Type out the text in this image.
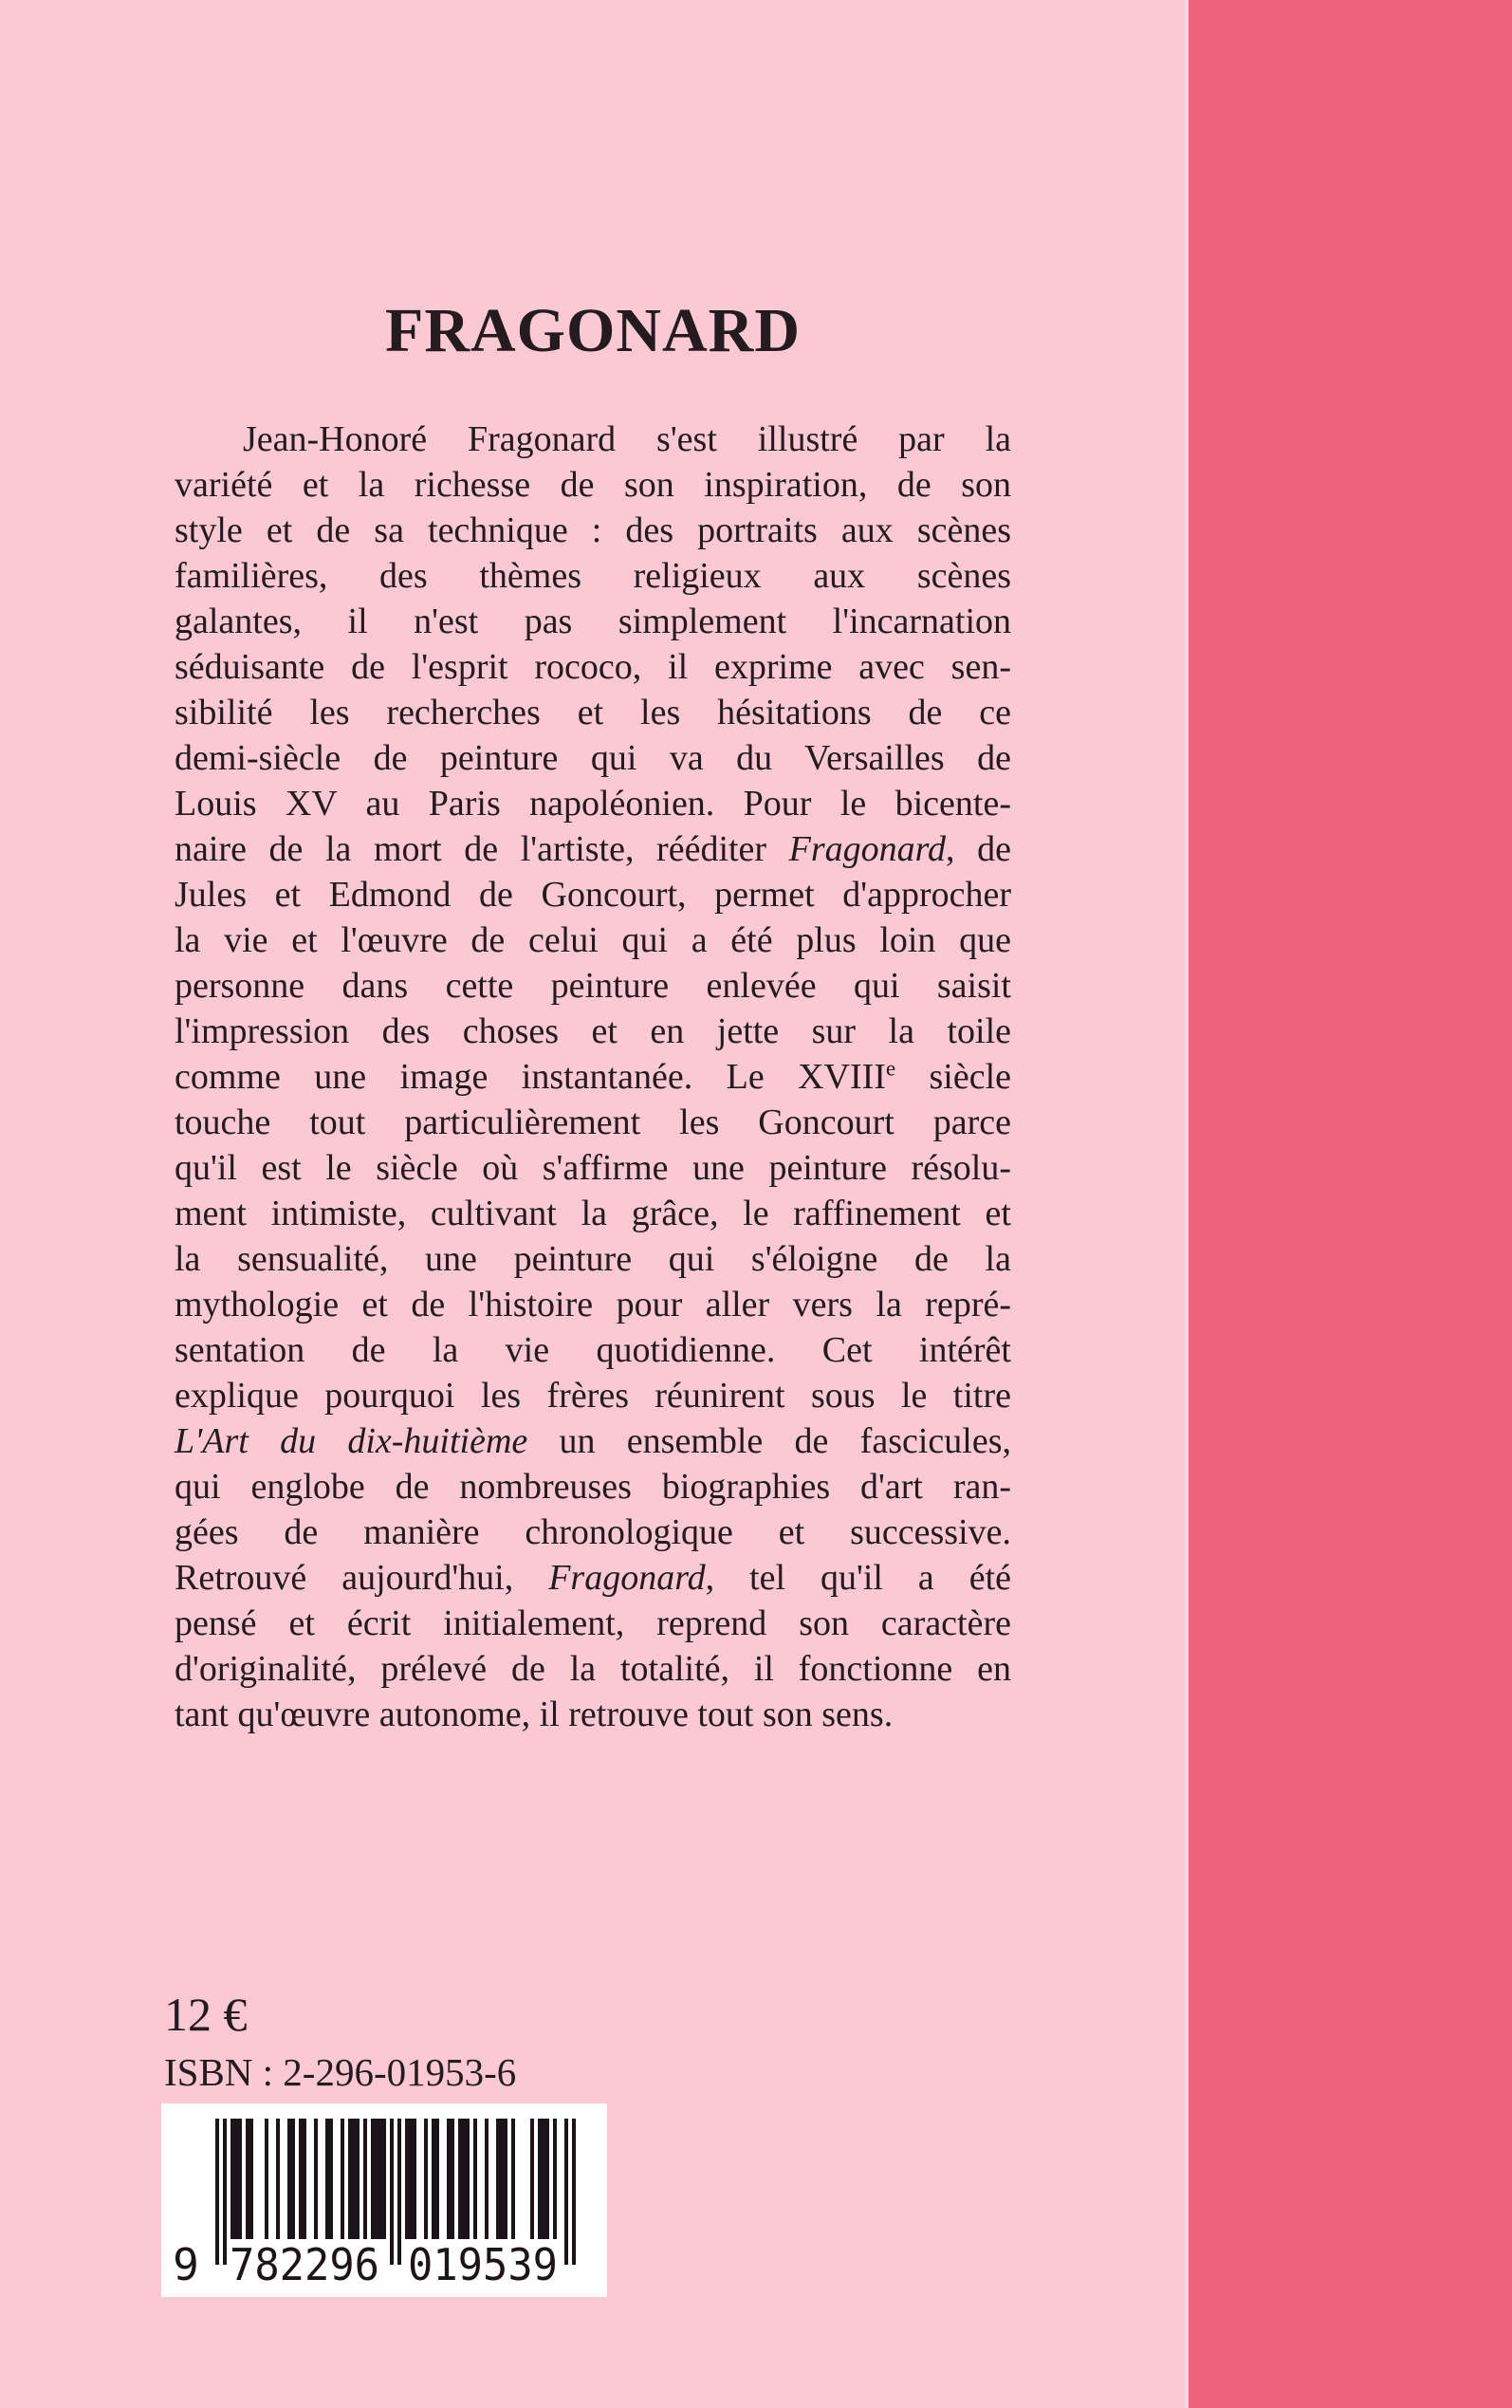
FRAGONARD
Jean-Honoré Fragonard s'est illustré par la
variété et la richesse de son inspiration, de son
style et de sa technique : des portraits aux scènes
familières, des thèmes religieux aux scènes
galantes, il n'est pas simplement l'incarnation
séduisante de l'esprit rococo, il exprime avec sen-
sibilité les recherches et les hésitations de ce
demi-siècle de peinture qui va du Versailles de
Louis XV au Paris napoléonien. Pour le bicente-
naire de la mort de l'artiste, rééditer Fragonard, de
Jules et Edmond de Goncourt, permet d'approcher
la vie et l'œuvre de celui qui a été plus loin que
personne dans cette peinture enlevée qui saisit
l'impression des choses et en jette sur la toile
comme une image instantanée. Le XVIIIe siècle
touche tout particulièrement les Goncourt parce
qu'il est le siècle où s'affirme une peinture résolu-
ment intimiste, cultivant la grâce, le raffinement et
la sensualité, une peinture qui s'éloigne de la
mythologie et de l'histoire pour aller vers la repré-
sentation de la vie quotidienne. Cet intérêt
explique pourquoi les frères réunirent sous le titre
L'Art du dix-huitième un ensemble de fascicules,
qui englobe de nombreuses biographies d'art ran-
gées de manière chronologique et successive.
Retrouvé aujourd'hui, Fragonard, tel qu'il a été
pensé et écrit initialement, reprend son caractère
d'originalité, prélevé de la totalité, il fonctionne en
tant qu'œuvre autonome, il retrouve tout son sens.
12 €
ISBN : 2-296-01953-6
9 782296 019539
